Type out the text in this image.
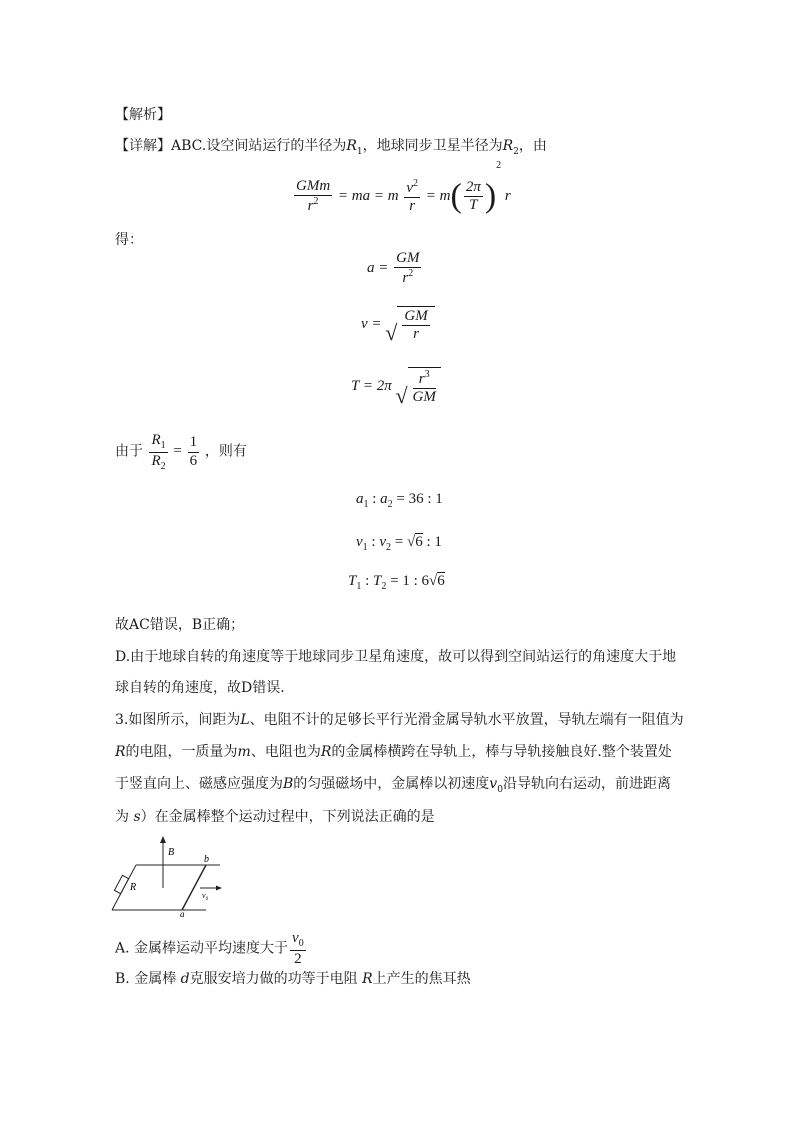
【解析】
【详解】ABC.设空间站运行的半径为$R_1$，地球同步卫星半径为$R_2$，由
$\frac{\text{GMm}}{r^2}$ = ma = m $\frac{v^2}{r} = m( \frac{2\pi}{T} )^2$ r
得：
$a = \frac{GM}{r^2}$
v = √ $\frac{GM}{r}$
T = 2π √ $\frac{r^3}{GM}$
由于 $\frac{R_1}{R_2} = \frac{1}{6}$ ，则有
$a_1$ : $a_2 = 36$ : 1
$v_1$ : $v_2 = √6$ : 1
$T_1$ : $T_2 = 1$ : 6√6
故AC错误，B正确；
D.由于地球自转的角速度等于地球同步卫星角速度，故可以得到空间站运行的角速度大于地
球自转的角速度，故D错误.
3.如图所示，间距为L、电阻不计的足够长平行光滑金属导轨水平放置，导轨左端有一阻值为
R的电阻，一质量为m、电阻也为R的金属棒横跨在导轨上，棒与导轨接触良好.整个装置处
于竖直向上、磁感应强度为B的匀强磁场中，金属棒以初速度$v_0$沿导轨向右运动，前进距离
为 s）在金属棒整个运动过程中，下列说法正确的是
B
b
R
$v_0$
a
A. 金属棒运动平均速度大于 $\frac{v_0}{2}$
B. 金属棒 d克服安培力做的功等于电阻 R上产生的焦耳热
